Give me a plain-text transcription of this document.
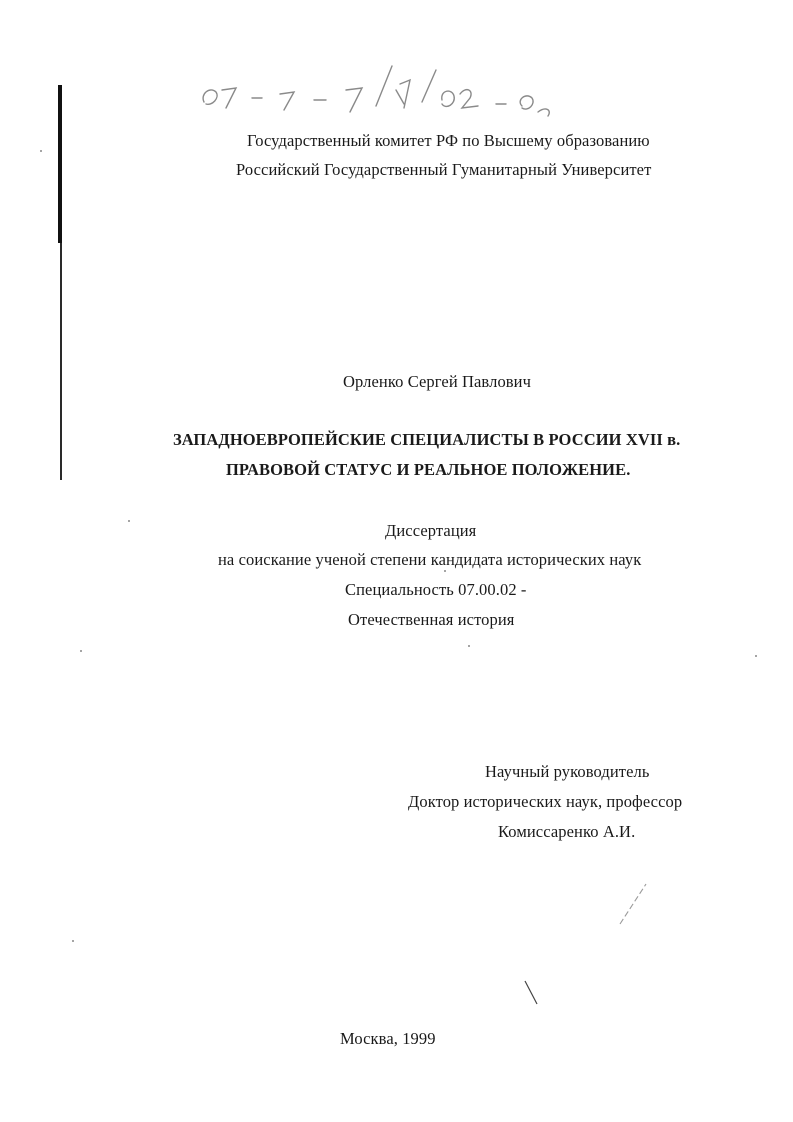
Государственный комитет РФ по Высшему образованию
Российский Государственный Гуманитарный Университет
Орленко Сергей Павлович
ЗАПАДНОЕВРОПЕЙСКИЕ СПЕЦИАЛИСТЫ В РОССИИ XVII в.
ПРАВОВОЙ СТАТУС И РЕАЛЬНОЕ ПОЛОЖЕНИЕ.
Диссертация
на соискание ученой степени кандидата исторических наук
Специальность 07.00.02 -
Отечественная история
Научный руководитель
Доктор исторических наук, профессор
Комиссаренко А.И.
Москва, 1999
